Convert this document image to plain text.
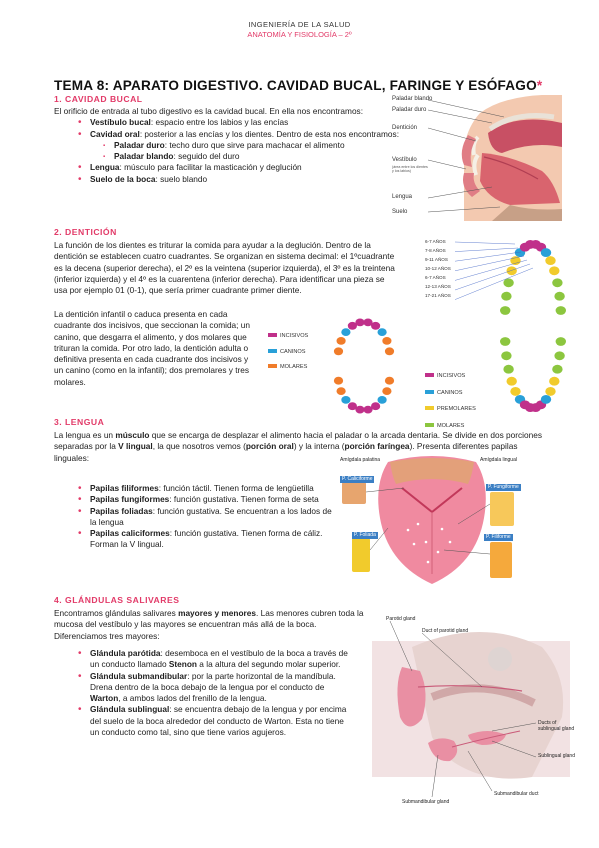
INGENIERÍA DE LA SALUD
ANATOMÍA Y FISIOLOGÍA – 2º
TEMA 8: APARATO DIGESTIVO. CAVIDAD BUCAL, FARINGE Y ESÓFAGO*
1. CAVIDAD BUCAL

El orificio de entrada al tubo digestivo es la cavidad bucal. En ella nos encontramos:

• Vestíbulo bucal: espacio entre los labios y las encías
• Cavidad oral: posterior a las encías y los dientes. Dentro de esta nos encontramos:
▪ Paladar duro: techo duro que sirve para machacar el alimento
▪ Paladar blando: seguido del duro
• Lengua: músculo para facilitar la masticación y deglución
• Suelo de la boca: suelo blando
Paladar blando
Paladar duro
Dentición
Vestíbulo
(área entre los dientes y los labios)
Lengua
Suelo
2. DENTICIÓN

La función de los dientes es triturar la comida para ayudar a la deglución. Dentro de la dentición se establecen cuatro cuadrantes. Se organizan en sistema decimal: el 1ºcuadrante es la decena (superior derecha), el 2º es la veintena (superior izquierda), el 3º es la treintena (inferior izquierda) y el 4º es la cuarentena (inferior derecha). Para identificar una pieza se usa por ejemplo 01 (0-1), que sería primer cuadrante primer diente.

La dentición infantil o caduca presenta en cada cuadrante dos incisivos, que seccionan la comida; un canino, que desgarra el alimento, y dos molares que trituran la comida. Por otro lado, la dentición adulta o definitiva presenta en cada cuadrante dos incisivos y un canino (como en la infantil); dos premolares y tres molares.

INCISIVOS
CANINOS
MOLARES
6-7 AÑOS
7-8 AÑOS
9-11 AÑOS
10-12 AÑOS
6-7 AÑOS
12-13 AÑOS
17-21 AÑOS
INCISIVOS
CANINOS
PREMOLARES
MOLARES
3. LENGUA

La lengua es un músculo que se encarga de desplazar el alimento hacia el paladar o la arcada dentaria. Se divide en dos porciones separadas por la V lingual, la que nosotros vemos (porción oral) y la interna (porción faríngea). Presenta diferentes papilas linguales:

• Papilas filiformes: función táctil. Tienen forma de lengüetilla
• Papilas fungiformes: función gustativa. Tienen forma de seta
• Papilas foliadas: función gustativa. Se encuentran a los lados de la lengua
• Papilas caliciformes: función gustativa. Tienen forma de cáliz. Forman la V lingual.
Amígdala palatina	Amígdala lingual
P. Caliciforme
P. Fungiforme
P. Foliada	P. Filiforme
4. GLÁNDULAS SALIVARES

Encontramos glándulas salivares mayores y menores. Las menores cubren toda la mucosa del vestíbulo y las mayores se encuentran más allá de la boca. Diferenciamos tres mayores:

• Glándula parótida: desemboca en el vestíbulo de la boca a través de un conducto llamado Stenon a la altura del segundo molar superior.
• Glándula submandibular: por la parte horizontal de la mandíbula. Drena dentro de la boca debajo de la lengua por el conducto de Warton, a ambos lados del frenillo de la lengua.
• Glándula sublingual: se encuentra debajo de la lengua y por encima del suelo de la boca alrededor del conducto de Warton. Esta no tiene un conducto como tal, sino que tiene varios agujeros.
Parotid gland
Duct of parotid gland
Ducts of sublingual gland
Sublingual gland
Submandibular gland
Submandibular duct
